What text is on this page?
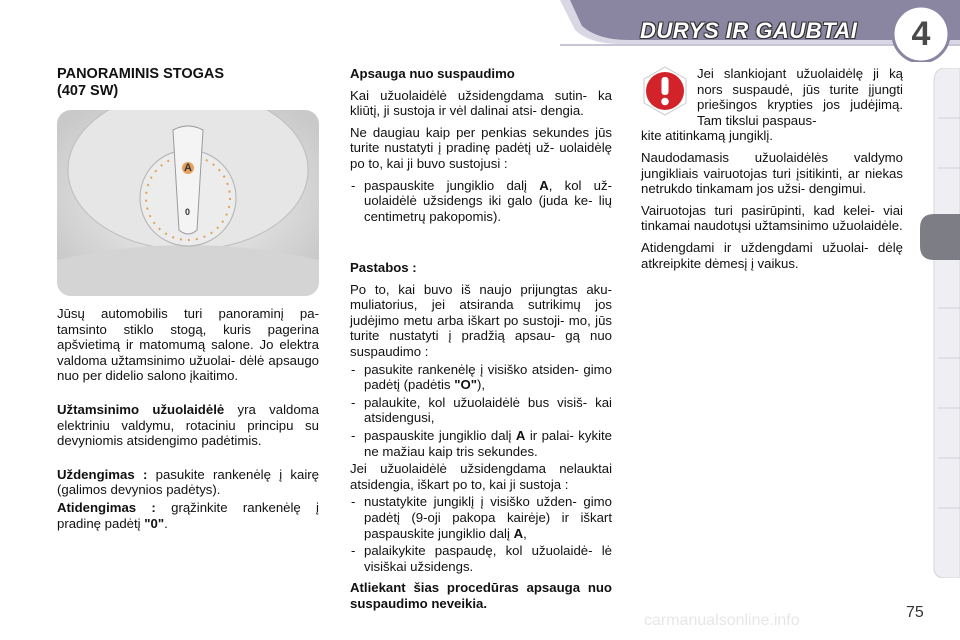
DURYS IR GAUBTAI	4
PANORAMINIS STOGAS
(407 SW)
A
0

Jūsų automobilis turi panoraminį pa- tamsinto stiklo stogą, kuris pagerina apšvietimą ir matomumą salone. Jo elektra valdoma užtamsinimo užuolai- dėlė apsaugo nuo per didelio salono įkaitimo.

Užtamsinimo užuolaidėlė yra valdoma elektriniu valdymu, rotaciniu principu su devyniomis atsidengimo padėtimis.

Uždengimas : pasukite rankenėlę į kairę (galimos devynios padėtys).

Atidengimas : grąžinkite rankenėlę į pradinę padėtį "0".

Apsauga nuo suspaudimo

Kai užuolaidėlė užsidengdama sutin- ka kliūtį, ji sustoja ir vėl dalinai atsi- dengia.

Ne daugiau kaip per penkias sekundes jūs turite nustatyti į pradinę padėtį už- uolaidėlę po to, kai ji buvo sustojusi :

- paspauskite jungiklio dalį A, kol už- uolaidėlė užsidengs iki galo (juda ke- lių centimetrų pakopomis).

Pastabos :

Po to, kai buvo iš naujo prijungtas aku- muliatorius, jei atsiranda sutrikimų jos judėjimo metu arba iškart po sustoji- mo, jūs turite nustatyti į pradžią apsau- gą nuo suspaudimo :

- pasukite rankenėlę į visiško atsiden- gimo padėtį (padėtis "O"),
- palaukite, kol užuolaidėlė bus visiš- kai atsidengusi,
- paspauskite jungiklio dalį A ir palai- kykite ne mažiau kaip tris sekundes.

Jei užuolaidėlė užsidengdama nelauktai atsidengia, iškart po to, kai ji sustoja :

- nustatykite jungiklį į visiško užden- gimo padėtį (9-oji pakopa kairėje) ir iškart paspauskite jungiklio dalį A,
- palaikykite paspaudę, kol užuolaidė- lė visiškai užsidengs.

Atliekant šias procedūras apsauga nuo suspaudimo neveikia.

Jei slankiojant užuolaidėlę ji ką nors suspaudė, jūs turite įjungti priešingos krypties jos judėjimą. Tam tikslui paspaus-
kite atitinkamą jungiklį.

Naudodamasis užuolaidėlės valdymo jungikliais vairuotojas turi įsitikinti, ar niekas netrukdo tinkamam jos užsi- dengimui.

Vairuotojas turi pasirūpinti, kad kelei- viai tinkamai naudotųsi užtamsinimo užuolaidėle.

Atidengdami ir uždengdami užuolai- dėlę atkreipkite dėmesį į vaikus.

carmanualsonline.info	75
